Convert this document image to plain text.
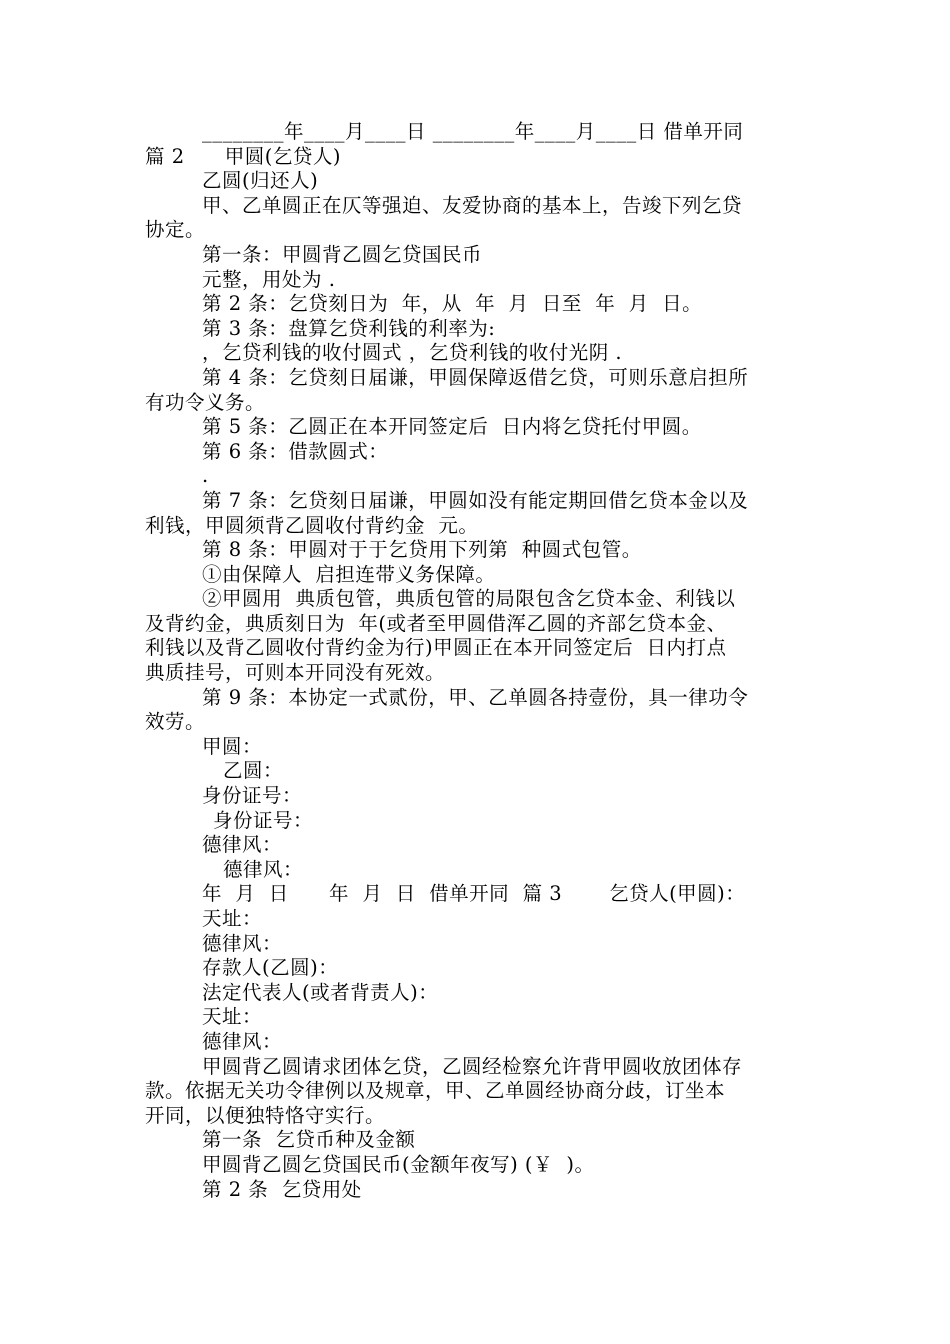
________年____月____日 ________年____月____日 借单开同
篇 2      甲圆(乞贷人)
乙圆(归还人)
甲、乙单圆正在仄等强迫、友爱协商的基本上，告竣下列乞贷
协定。
第一条：甲圆背乙圆乞贷国民币
元整，用处为 .
第 2 条：乞贷刻日为  年，从  年  月  日至  年  月  日。
第 3 条：盘算乞贷利钱的利率为:
，乞贷利钱的收付圆式 ，乞贷利钱的收付光阴 .
第 4 条：乞贷刻日届谦，甲圆保障返借乞贷，可则乐意启担所
有功令义务。
第 5 条：乙圆正在本开同签定后  日内将乞贷托付甲圆。
第 6 条：借款圆式：
.
第 7 条：乞贷刻日届谦，甲圆如没有能定期回借乞贷本金以及
利钱，甲圆须背乙圆收付背约金  元。
第 8 条：甲圆对于于乞贷用下列第  种圆式包管。
①由保障人  启担连带义务保障。
②甲圆用  典质包管，典质包管的局限包含乞贷本金、利钱以
及背约金，典质刻日为  年(或者至甲圆借浑乙圆的齐部乞贷本金、
利钱以及背乙圆收付背约金为行)甲圆正在本开同签定后  日内打点
典质挂号，可则本开同没有死效。
第 9 条：本协定一式贰份，甲、乙单圆各持壹份，具一律功令
效劳。
甲圆：
乙圆：
身份证号：
身份证号：
德律风：
德律风：
年  月  日      年  月  日  借单开同  篇 3       乞贷人(甲圆)：
天址：
德律风：
存款人(乙圆)：
法定代表人(或者背责人)：
天址：
德律风：
甲圆背乙圆请求团体乞贷，乙圆经检察允许背甲圆收放团体存
款。依据无关功令律例以及规章，甲、乙单圆经协商分歧，订坐本
开同，以便独特恪守实行。
第一条  乞贷币种及金额
甲圆背乙圆乞贷国民币(金额年夜写) (￥  )。
第 2 条  乞贷用处
